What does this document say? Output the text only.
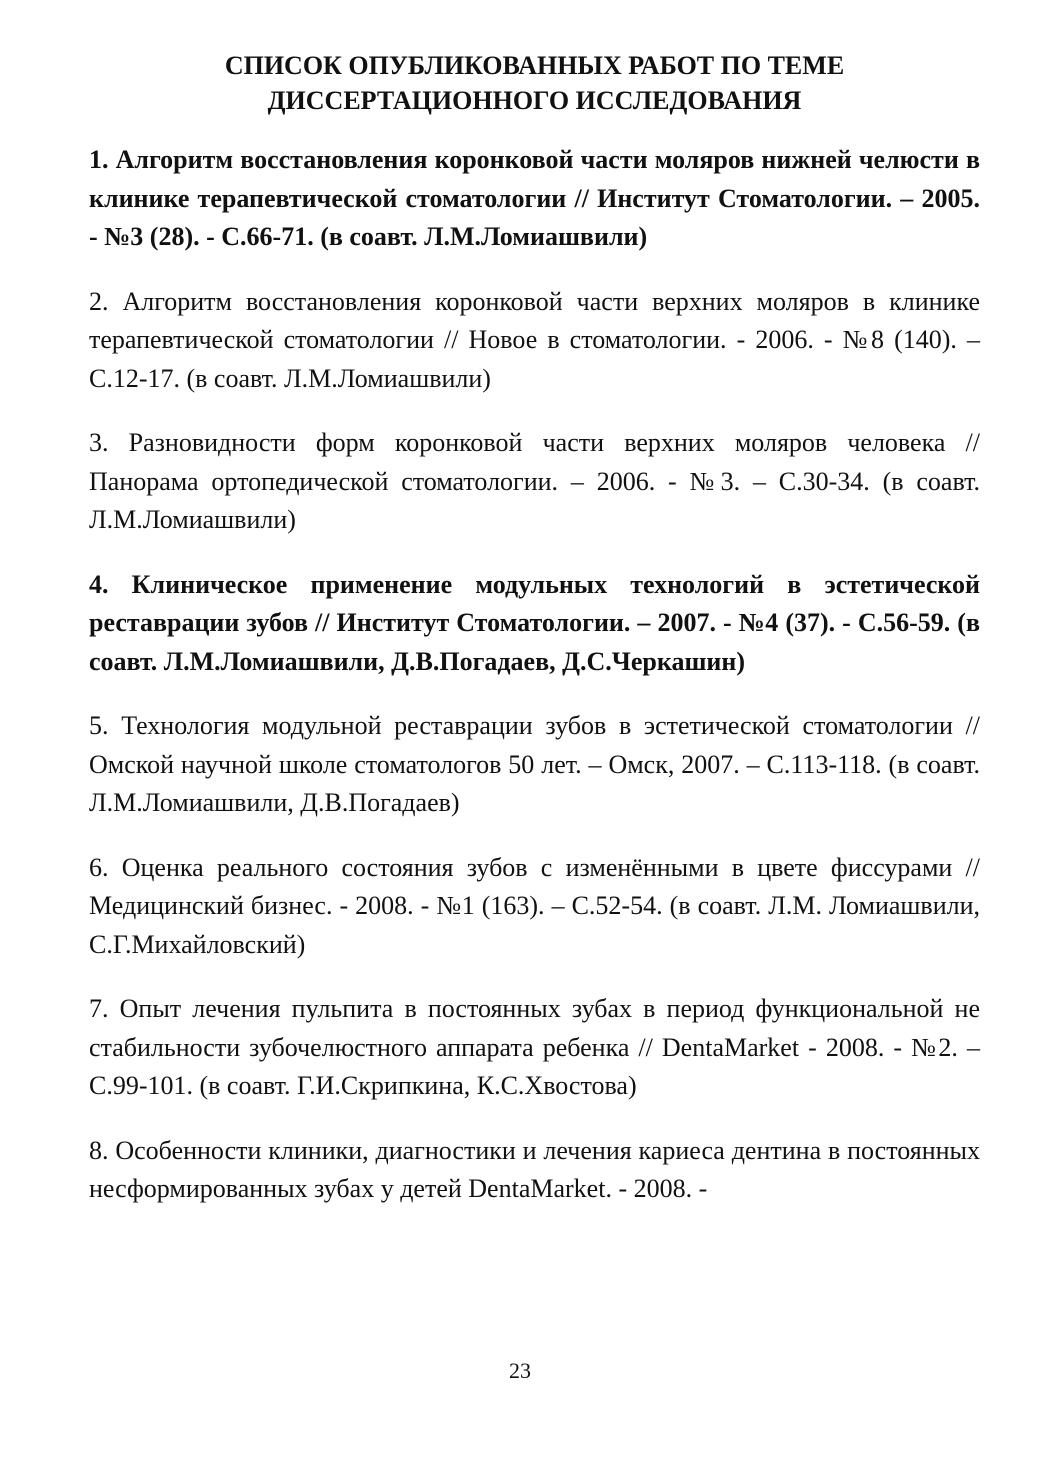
СПИСОК ОПУБЛИКОВАННЫХ РАБОТ ПО ТЕМЕ
ДИССЕРТАЦИОННОГО ИССЛЕДОВАНИЯ

1. Алгоритм восстановления коронковой части моляров нижней челюсти в клинике терапевтической стоматологии // Институт Стоматологии. – 2005. - №3 (28). - С.66-71. (в соавт. Л.М.Ломиашвили)

2. Алгоритм восстановления коронковой части верхних моляров в клинике терапевтической стоматологии // Новое в стоматологии. - 2006. - №8 (140). – С.12-17. (в соавт. Л.М.Ломиашвили)

3. Разновидности форм коронковой части верхних моляров человека // Панорама ортопедической стоматологии. – 2006. - №3. – С.30-34. (в соавт. Л.М.Ломиашвили)

4. Клиническое применение модульных технологий в эстетической реставрации зубов // Институт Стоматологии. – 2007. - №4 (37). - С.56-59. (в соавт. Л.М.Ломиашвили, Д.В.Погадаев, Д.С.Черкашин)

5. Технология модульной реставрации зубов в эстетической стоматологии // Омской научной школе стоматологов 50 лет. – Омск, 2007. – С.113-118. (в соавт. Л.М.Ломиашвили, Д.В.Погадаев)

6. Оценка реального состояния зубов с изменёнными в цвете фиссурами // Медицинский бизнес. - 2008. - №1 (163). – С.52-54. (в соавт. Л.М. Ломиашвили, С.Г.Михайловский)

7. Опыт лечения пульпита в постоянных зубах в период функциональной не стабильности зубочелюстного аппарата ребенка // DentaMarket - 2008. - №2. – С.99-101. (в соавт. Г.И.Скрипкина, К.С.Хвостова)

8. Особенности клиники, диагностики и лечения кариеса дентина в постоянных несформированных зубах у детей DentaMarket. - 2008. -

23
